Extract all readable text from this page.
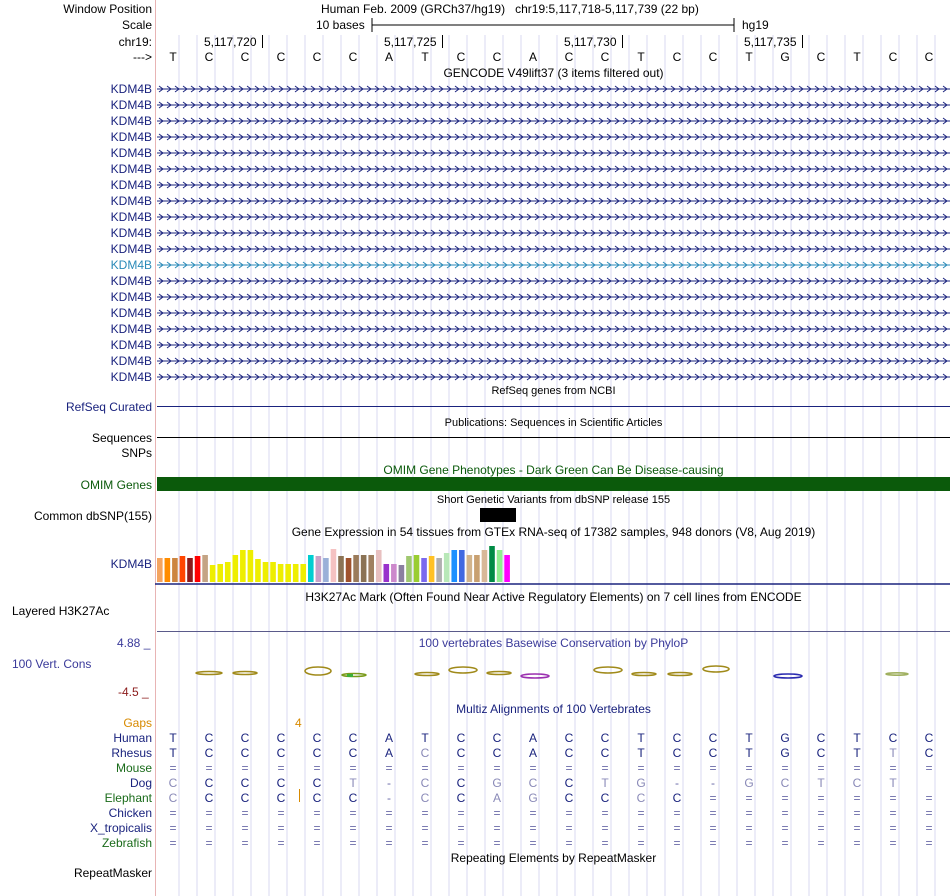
Window Position	Human Feb. 2009 (GRCh37/hg19) chr19:5,117,718-5,117,739 (22 bp)
Scale	10 bases	hg19
chr19:	5,117,720	5,117,725	5,117,730	5,117,735
--->	T	C	C	C	C	C	A	T	C	C	A	C	C	T	C	C	T	G	C	T	C	C
GENCODE V49lift37 (3 items filtered out)
KDM4B
KDM4B
KDM4B
KDM4B
KDM4B
KDM4B
KDM4B
KDM4B
KDM4B
KDM4B
KDM4B
KDM4B
KDM4B
KDM4B
KDM4B
KDM4B
KDM4B
KDM4B
KDM4B
RefSeq genes from NCBI
RefSeq Curated
Publications: Sequences in Scientific Articles
Sequences
SNPs
OMIM Gene Phenotypes - Dark Green Can Be Disease-causing
OMIM Genes
Short Genetic Variants from dbSNP release 155
Common dbSNP(155)
Gene Expression in 54 tissues from GTEx RNA-seq of 17382 samples, 948 donors (V8, Aug 2019)
KDM4B
H3K27Ac Mark (Often Found Near Active Regulatory Elements) on 7 cell lines from ENCODE
Layered H3K27Ac
100 vertebrates Basewise Conservation by PhyloP
4.88 _
100 Vert. Cons
-4.5 _
Multiz Alignments of 100 Vertebrates
Gaps	4
Human	T	C	C	C	C	C	A	T	C	C	A	C	C	T	C	C	T	G	C	T	C	C
Rhesus	T	C	C	C	C	C	A	C	C	C	A	C	C	T	C	C	T	G	C	T	T	C
Mouse	=	=	=	=	=	=	=	=	=	=	=	=	=	=	=	=	=	=	=	=	=	=
Dog	C	C	C	C	C	T	-	C	C	G	C	C	T	G	-	-	G	C	T	C	T
Elephant	C	C	C	C	C	C	-	C	C	A	G	C	C	C	C	=	=	=	=	=	=	=
Chicken	=	=	=	=	=	=	=	=	=	=	=	=	=	=	=	=	=	=	=	=	=	=
X_tropicalis	=	=	=	=	=	=	=	=	=	=	=	=	=	=	=	=	=	=	=	=	=	=
Zebrafish	=	=	=	=	=	=	=	=	=	=	=	=	=	=	=	=	=	=	=	=	=	=
Repeating Elements by RepeatMasker
RepeatMasker
